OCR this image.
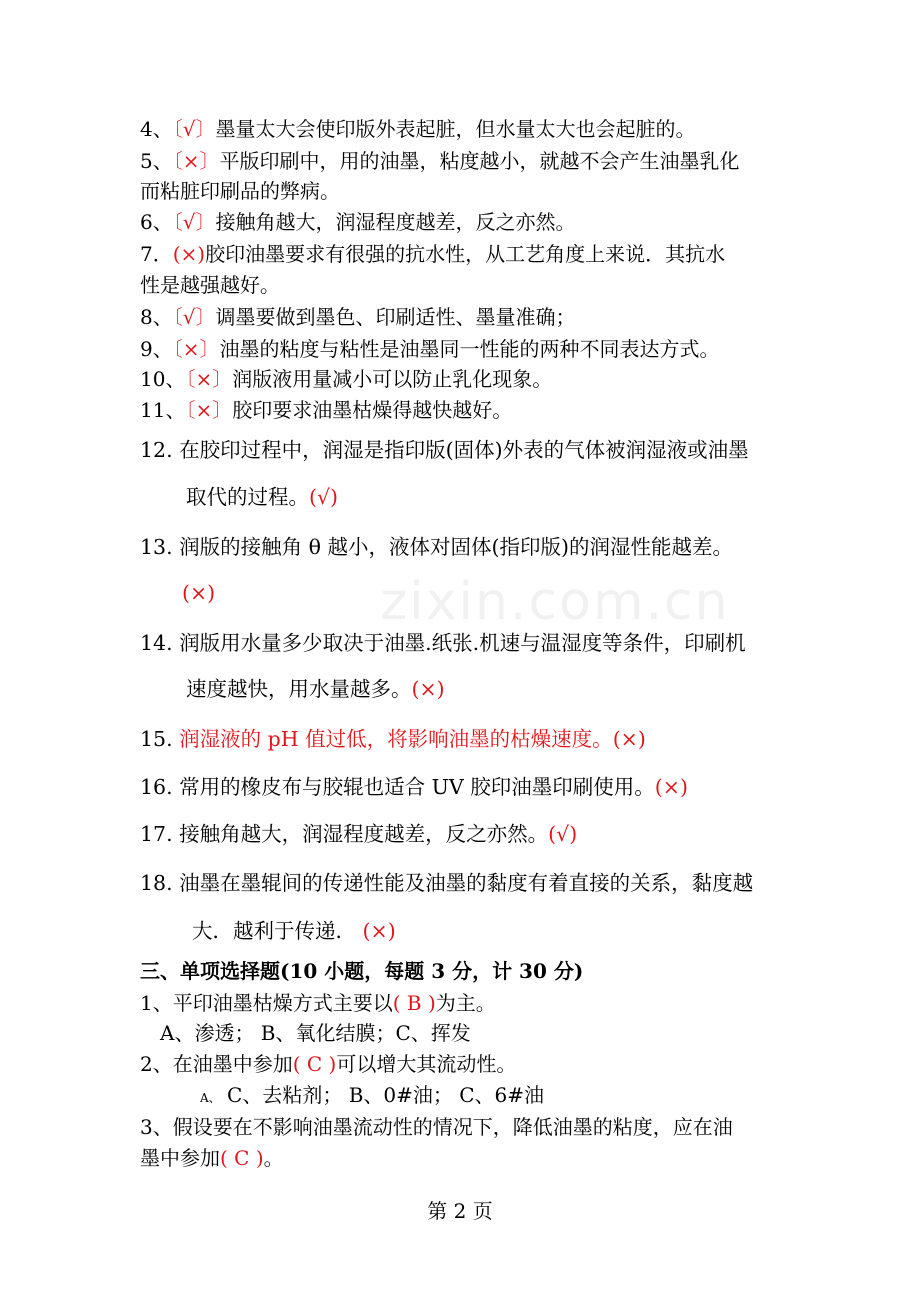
zixin.com.cn
4、〔√〕墨量太大会使印版外表起脏，但水量太大也会起脏的。
5、〔×〕平版印刷中，用的油墨，粘度越小，就越不会产生油墨乳化
而粘脏印刷品的弊病。
6、〔√〕接触角越大，润湿程度越差，反之亦然。
7．(×)胶印油墨要求有很强的抗水性，从工艺角度上来说．其抗水
性是越强越好。
8、〔√〕调墨要做到墨色、印刷适性、墨量准确；
9、〔×〕油墨的粘度与粘性是油墨同一性能的两种不同表达方式。
10、〔×〕润版液用量减小可以防止乳化现象。
11、〔×〕胶印要求油墨枯燥得越快越好。
12. 在胶印过程中，润湿是指印版(固体)外表的气体被润湿液或油墨
取代的过程。(√)
13. 润版的接触角 θ 越小，液体对固体(指印版)的润湿性能越差。
(×)
14. 润版用水量多少取决于油墨.纸张.机速与温湿度等条件，印刷机
速度越快，用水量越多。(×)
15. 润湿液的 pH 值过低，将影响油墨的枯燥速度。(×)
16. 常用的橡皮布与胶辊也适合 UV 胶印油墨印刷使用。(×)
17. 接触角越大，润湿程度越差，反之亦然。(√)
18. 油墨在墨辊间的传递性能及油墨的黏度有着直接的关系，黏度越
大．越利于传递． (×)
三、单项选择题(10 小题，每题 3 分，计 30 分)
1、平印油墨枯燥方式主要以( B )为主。
A、渗透； B、氧化结膜；C、挥发
2、在油墨中参加( C )可以增大其流动性。
A、 C、去粘剂； B、0#油； C、6#油
3、假设要在不影响油墨流动性的情况下，降低油墨的粘度，应在油
墨中参加( C )。
第 2 页
